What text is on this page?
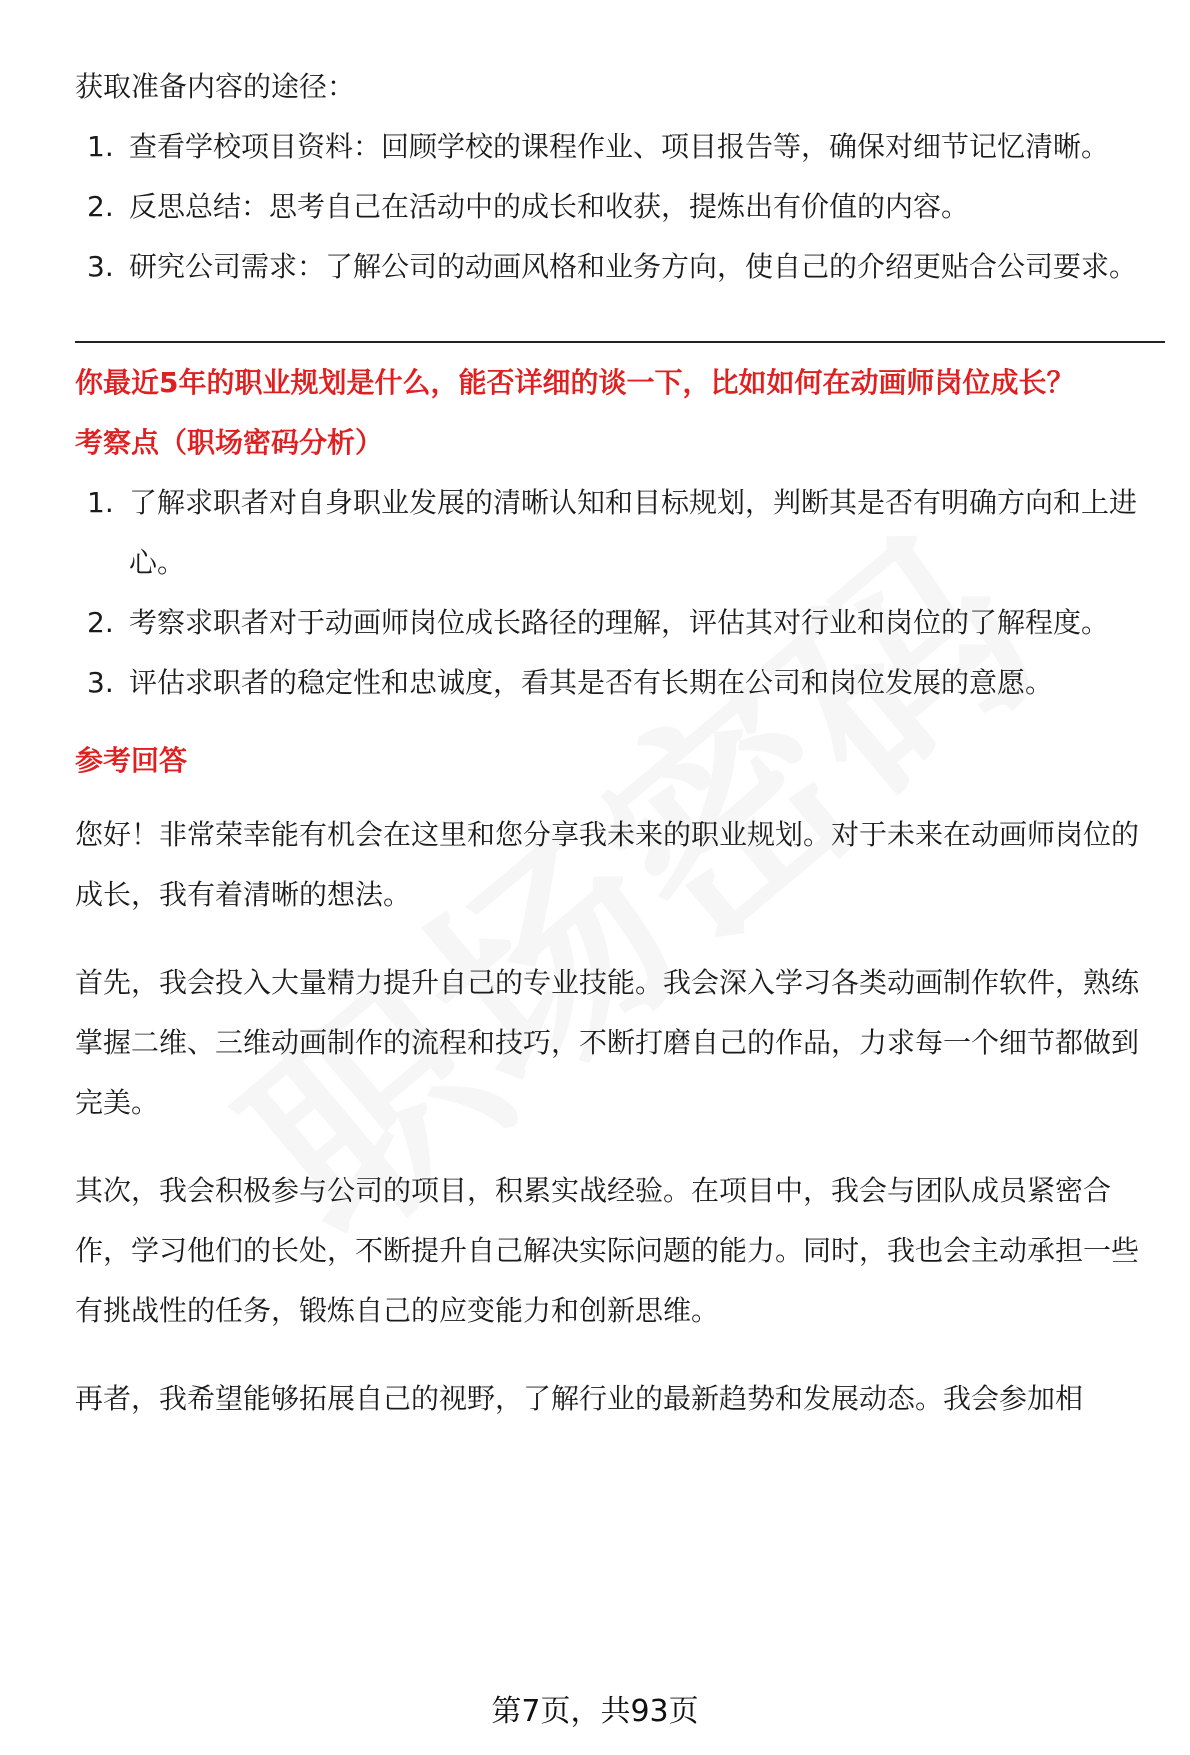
获取准备内容的途径：

1. 查看学校项目资料：回顾学校的课程作业、项目报告等，确保对细节记忆清晰。
2. 反思总结：思考自己在活动中的成长和收获，提炼出有价值的内容。
3. 研究公司需求：了解公司的动画风格和业务方向，使自己的介绍更贴合公司要求。
你最近5年的职业规划是什么，能否详细的谈一下，比如如何在动画师岗位成长？
考察点（职场密码分析）
1. 了解求职者对自身职业发展的清晰认知和目标规划，判断其是否有明确方向和上进心。
2. 考察求职者对于动画师岗位成长路径的理解，评估其对行业和岗位的了解程度。
3. 评估求职者的稳定性和忠诚度，看其是否有长期在公司和岗位发展的意愿。
参考回答

您好！非常荣幸能有机会在这里和您分享我未来的职业规划。对于未来在动画师岗位的成长，我有着清晰的想法。

首先，我会投入大量精力提升自己的专业技能。我会深入学习各类动画制作软件，熟练掌握二维、三维动画制作的流程和技巧，不断打磨自己的作品，力求每一个细节都做到完美。

其次，我会积极参与公司的项目，积累实战经验。在项目中，我会与团队成员紧密合作，学习他们的长处，不断提升自己解决实际问题的能力。同时，我也会主动承担一些有挑战性的任务，锻炼自己的应变能力和创新思维。

再者，我希望能够拓展自己的视野，了解行业的最新趋势和发展动态。我会参加相

第7页，共93页
